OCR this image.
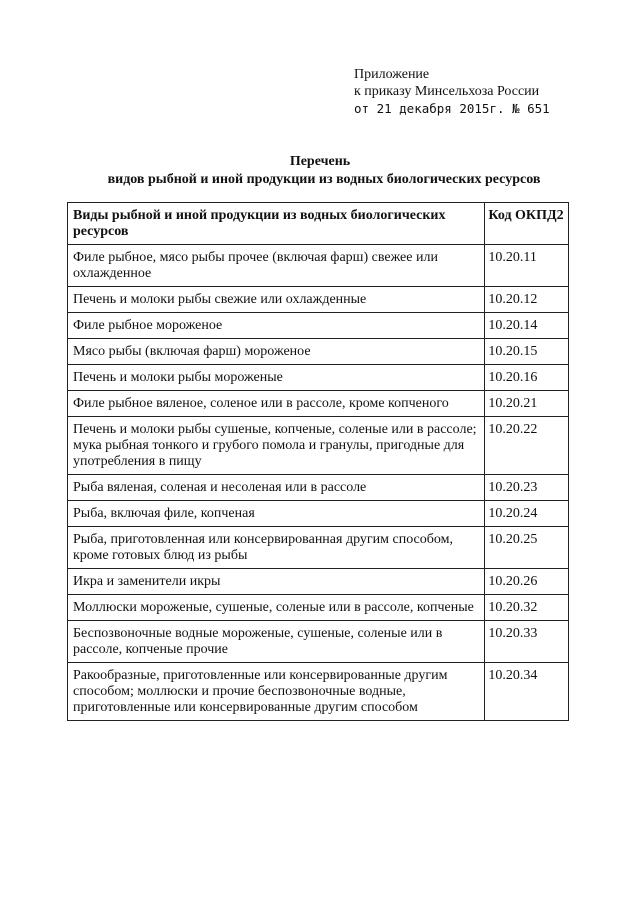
Приложение
к приказу Минсельхоза России
от 21 декабря 2015г. № 651
Перечень
видов рыбной и иной продукции из водных биологических ресурсов
Виды рыбной и иной продукции из водных биологических ресурсов	Код ОКПД2
Филе рыбное, мясо рыбы прочее (включая фарш) свежее или охлажденное	10.20.11
Печень и молоки рыбы свежие или охлажденные	10.20.12
Филе рыбное мороженое	10.20.14
Мясо рыбы (включая фарш) мороженое	10.20.15
Печень и молоки рыбы мороженые	10.20.16
Филе рыбное вяленое, соленое или в рассоле, кроме копченого	10.20.21
Печень и молоки рыбы сушеные, копченые, соленые или в рассоле; мука рыбная тонкого и грубого помола и гранулы, пригодные для употребления в пищу	10.20.22
Рыба вяленая, соленая и несоленая или в рассоле	10.20.23
Рыба, включая филе, копченая	10.20.24
Рыба, приготовленная или консервированная другим способом, кроме готовых блюд из рыбы	10.20.25
Икра и заменители икры	10.20.26
Моллюски мороженые, сушеные, соленые или в рассоле, копченые	10.20.32
Беспозвоночные водные мороженые, сушеные, соленые или в рассоле, копченые прочие	10.20.33
Ракообразные, приготовленные или консервированные другим способом; моллюски и прочие беспозвоночные водные, приготовленные или консервированные другим способом	10.20.34
